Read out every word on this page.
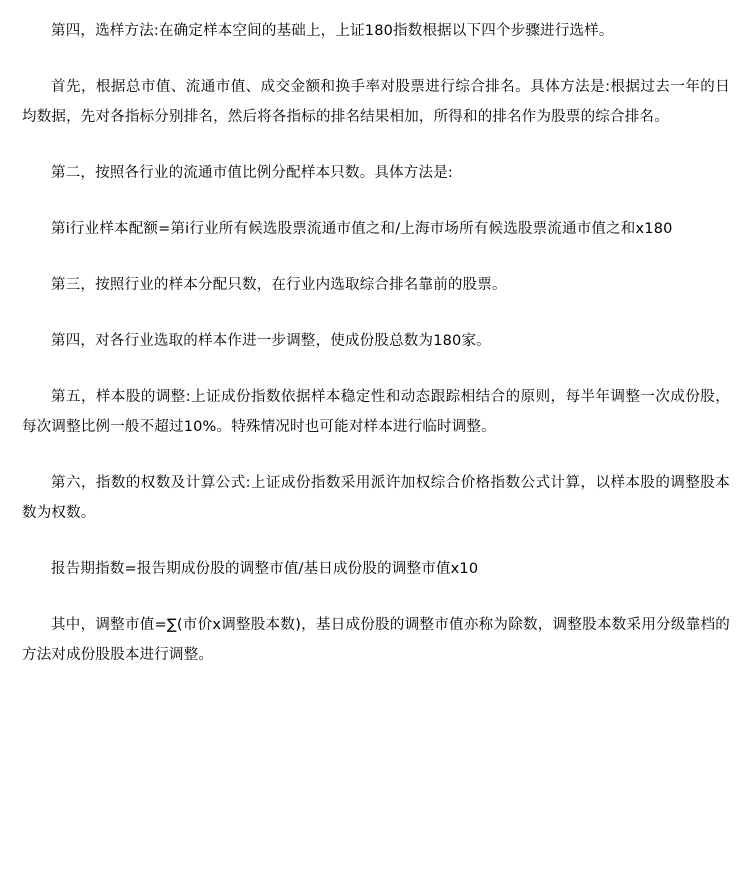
第四，选样方法:在确定样本空间的基础上，上证180指数根据以下四个步骤进行选样。

首先，根据总市值、流通市值、成交金额和换手率对股票进行综合排名。具体方法是:根据过去一年的日均数据，先对各指标分别排名，然后将各指标的排名结果相加，所得和的排名作为股票的综合排名。

第二，按照各行业的流通市值比例分配样本只数。具体方法是:

第i行业样本配额=第i行业所有候选股票流通市值之和/上海市场所有候选股票流通市值之和x180

第三，按照行业的样本分配只数，在行业内选取综合排名靠前的股票。

第四，对各行业选取的样本作进一步调整，使成份股总数为180家。

第五，样本股的调整:上证成份指数依据样本稳定性和动态跟踪相结合的原则，每半年调整一次成份股，每次调整比例一般不超过10%。特殊情况时也可能对样本进行临时调整。

第六，指数的权数及计算公式:上证成份指数采用派许加权综合价格指数公式计算，以样本股的调整股本数为权数。

报告期指数=报告期成份股的调整市值/基日成份股的调整市值x10

其中，调整市值=∑(市价x调整股本数)，基日成份股的调整市值亦称为除数，调整股本数采用分级靠档的方法对成份股股本进行调整。
